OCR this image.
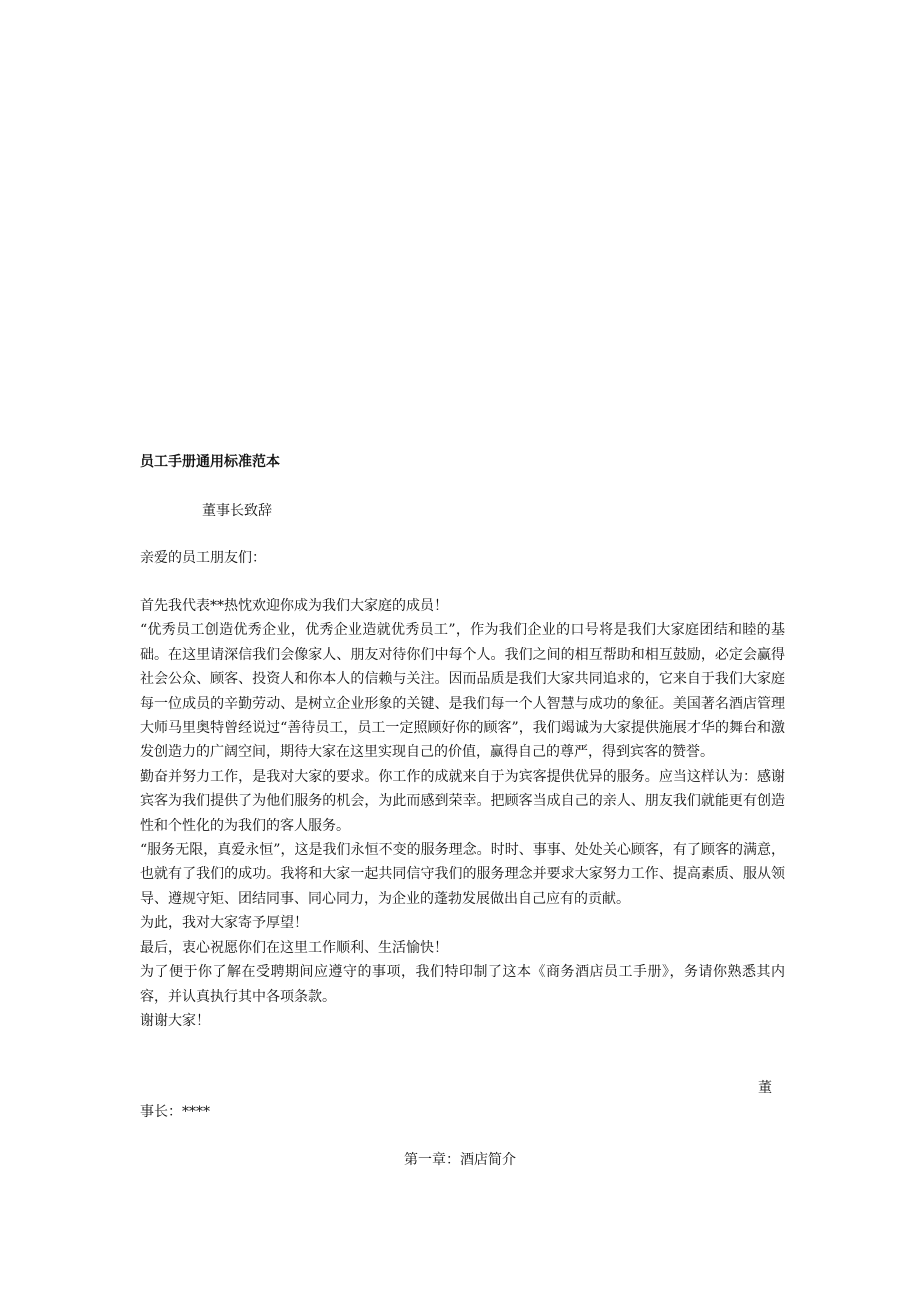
员工手册通用标准范本
董事长致辞
亲爱的员工朋友们：

首先我代表**热忱欢迎你成为我们大家庭的成员！

“优秀员工创造优秀企业，优秀企业造就优秀员工”，作为我们企业的口号将是我们大家庭团结和睦的基础。在这里请深信我们会像家人、朋友对待你们中每个人。我们之间的相互帮助和相互鼓励，必定会赢得社会公众、顾客、投资人和你本人的信赖与关注。因而品质是我们大家共同追求的，它来自于我们大家庭每一位成员的辛勤劳动、是树立企业形象的关键、是我们每一个人智慧与成功的象征。美国著名酒店管理大师马里奥特曾经说过“善待员工，员工一定照顾好你的顾客”，我们竭诚为大家提供施展才华的舞台和激发创造力的广阔空间，期待大家在这里实现自己的价值，赢得自己的尊严，得到宾客的赞誉。

勤奋并努力工作，是我对大家的要求。你工作的成就来自于为宾客提供优异的服务。应当这样认为：感谢宾客为我们提供了为他们服务的机会，为此而感到荣幸。把顾客当成自己的亲人、朋友我们就能更有创造性和个性化的为我们的客人服务。

“服务无限，真爱永恒”，这是我们永恒不变的服务理念。时时、事事、处处关心顾客，有了顾客的满意，也就有了我们的成功。我将和大家一起共同信守我们的服务理念并要求大家努力工作、提高素质、服从领导、遵规守矩、团结同事、同心同力，为企业的蓬勃发展做出自己应有的贡献。

为此，我对大家寄予厚望！

最后，衷心祝愿你们在这里工作顺利、生活愉快！

为了便于你了解在受聘期间应遵守的事项，我们特印制了这本《商务酒店员工手册》，务请你熟悉其内容，并认真执行其中各项条款。

谢谢大家！

董
事长：****
第一章：酒店简介
